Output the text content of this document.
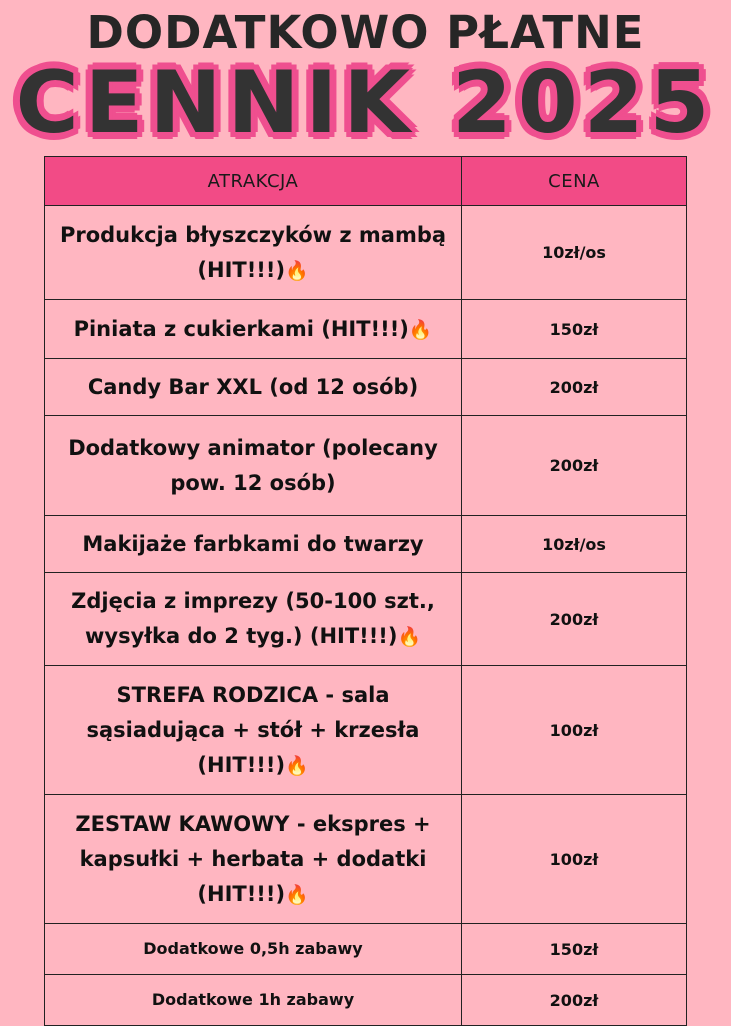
DODATKOWO PŁATNE
CENNIK 2025
ATRAKCJA	CENA
Produkcja błyszczyków z mambą (HIT!!!)🔥	10zł/os
Piniata z cukierkami (HIT!!!)🔥	150zł
Candy Bar XXL (od 12 osób)	200zł
Dodatkowy animator (polecany pow. 12 osób)	200zł
Makijaże farbkami do twarzy	10zł/os
Zdjęcia z imprezy (50-100 szt., wysyłka do 2 tyg.) (HIT!!!)🔥	200zł
STREFA RODZICA - sala sąsiadująca + stół + krzesła (HIT!!!)🔥	100zł
ZESTAW KAWOWY - ekspres + kapsułki + herbata + dodatki (HIT!!!)🔥	100zł
Dodatkowe 0,5h zabawy	150zł
Dodatkowe 1h zabawy	200zł
